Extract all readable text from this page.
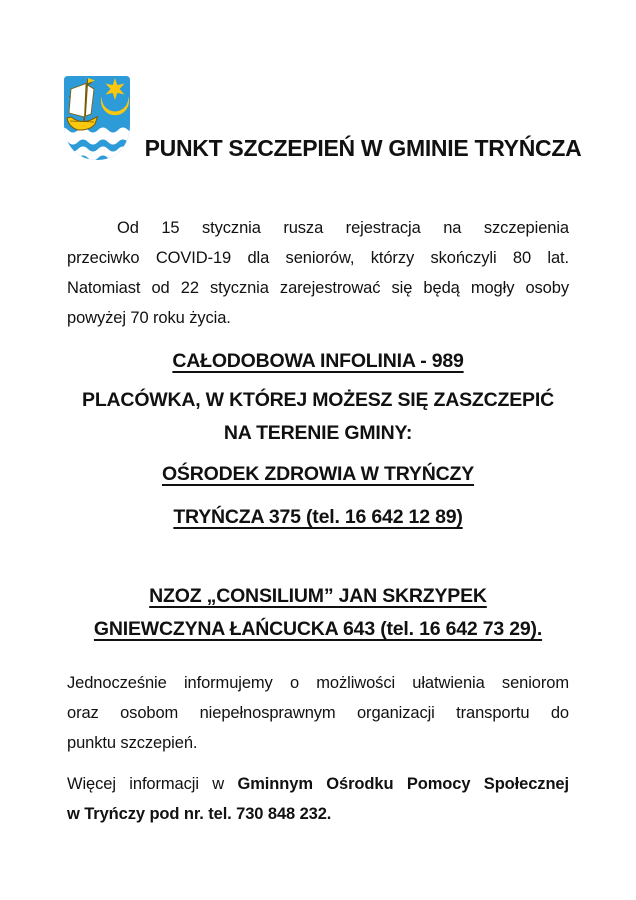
PUNKT SZCZEPIEŃ W GMINIE TRYŃCZA
Od 15 stycznia rusza rejestracja na szczepienia
przeciwko COVID-19 dla seniorów, którzy skończyli 80 lat.
Natomiast od 22 stycznia zarejestrować się będą mogły osoby
powyżej 70 roku życia.
CAŁODOBOWA INFOLINIA - 989
PLACÓWKA, W KTÓREJ MOŻESZ SIĘ ZASZCZEPIĆ
NA TERENIE GMINY:
OŚRODEK ZDROWIA W TRYŃCZY
TRYŃCZA 375 (tel. 16 642 12 89)
NZOZ „CONSILIUM” JAN SKRZYPEK
GNIEWCZYNA ŁAŃCUCKA 643 (tel. 16 642 73 29).
Jednocześnie informujemy o możliwości ułatwienia seniorom
oraz osobom niepełnosprawnym organizacji transportu do
punktu szczepień.
Więcej informacji w Gminnym Ośrodku Pomocy Społecznej
w Tryńczy pod nr. tel. 730 848 232.
